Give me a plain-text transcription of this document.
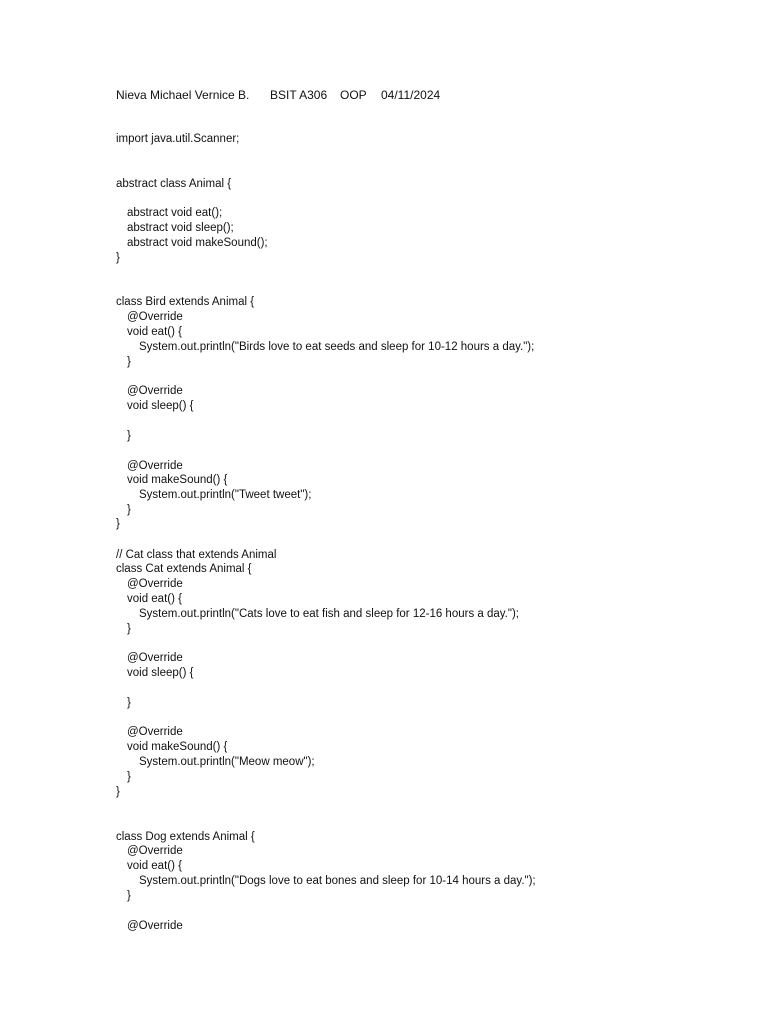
Nieva Michael Vernice B.

BSIT A306

OOP

04/11/2024

import java.util.Scanner;
abstract class Animal {
abstract void eat();
abstract void sleep();
abstract void makeSound();
}
class Bird extends Animal {
@Override
void eat() {
System.out.println("Birds love to eat seeds and sleep for 10-12 hours a day.");
}
@Override
void sleep() {
}
@Override
void makeSound() {
System.out.println("Tweet tweet");
}
}
// Cat class that extends Animal
class Cat extends Animal {
@Override
void eat() {
System.out.println("Cats love to eat fish and sleep for 12-16 hours a day.");
}
@Override
void sleep() {
}
@Override
void makeSound() {
System.out.println("Meow meow");
}
}
class Dog extends Animal {
@Override
void eat() {
System.out.println("Dogs love to eat bones and sleep for 10-14 hours a day.");
}
@Override
